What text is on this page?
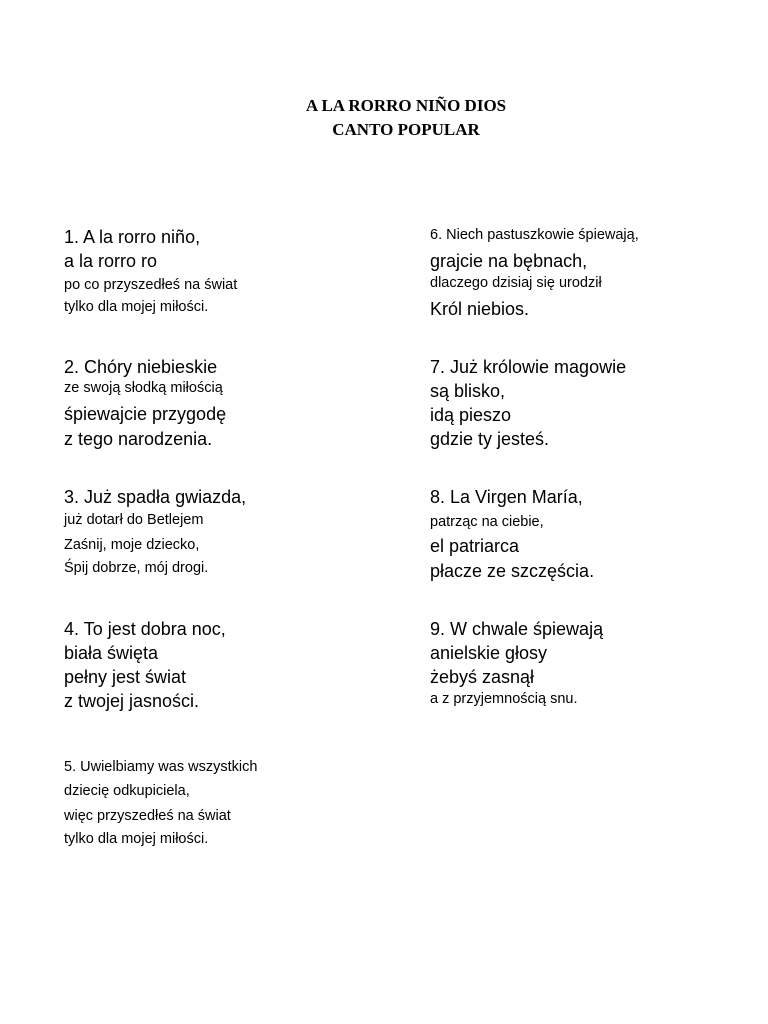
A LA RORRO NIÑO DIOS
CANTO POPULAR
1. A la rorro niño,
a la rorro ro
po co przyszedłeś na świat
tylko dla mojej miłości.
2. Chóry niebieskie
ze swoją słodką miłością
śpiewajcie przygodę
z tego narodzenia.
3. Już spadła gwiazda,
już dotarł do Betlejem
Zaśnij, moje dziecko,
Śpij dobrze, mój drogi.
4. To jest dobra noc,
biała święta
pełny jest świat
z twojej jasności.
5. Uwielbiamy was wszystkich
dziecię odkupiciela,
więc przyszedłeś na świat
tylko dla mojej miłości.
6. Niech pastuszkowie śpiewają,
grajcie na bębnach,
dlaczego dzisiaj się urodził
Król niebios.
7. Już królowie magowie
są blisko,
idą pieszo
gdzie ty jesteś.
8. La Virgen María,
patrząc na ciebie,
el patriarca
płacze ze szczęścia.
9. W chwale śpiewają
anielskie głosy
żebyś zasnął
a z przyjemnością snu.
